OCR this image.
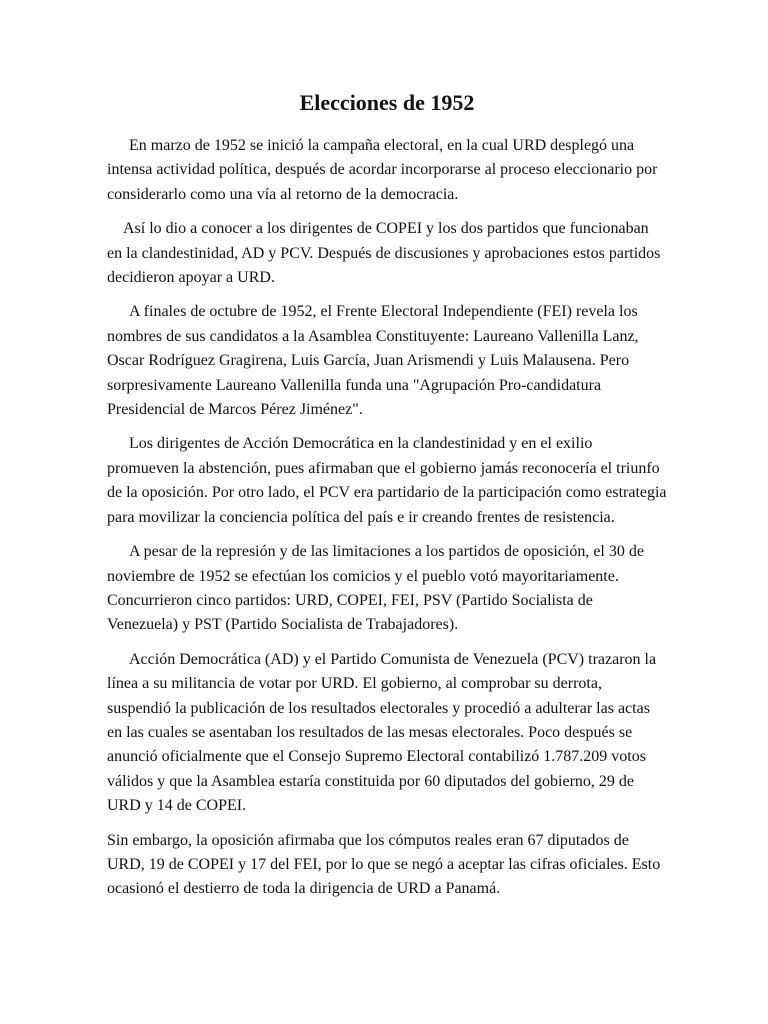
Elecciones de 1952

En marzo de 1952 se inició la campaña electoral, en la cual URD desplegó una intensa actividad política, después de acordar incorporarse al proceso eleccionario por considerarlo como una vía al retorno de la democracia.

Así lo dio a conocer a los dirigentes de COPEI y los dos partidos que funcionaban en la clandestinidad, AD y PCV. Después de discusiones y aprobaciones estos partidos decidieron apoyar a URD.

A finales de octubre de 1952, el Frente Electoral Independiente (FEI) revela los nombres de sus candidatos a la Asamblea Constituyente: Laureano Vallenilla Lanz, Oscar Rodríguez Gragirena, Luis García, Juan Arismendi y Luis Malausena. Pero sorpresivamente Laureano Vallenilla funda una "Agrupación Pro-candidatura Presidencial de Marcos Pérez Jiménez".

Los dirigentes de Acción Democrática en la clandestinidad y en el exilio promueven la abstención, pues afirmaban que el gobierno jamás reconocería el triunfo de la oposición. Por otro lado, el PCV era partidario de la participación como estrategia para movilizar la conciencia política del país e ir creando frentes de resistencia.

A pesar de la represión y de las limitaciones a los partidos de oposición, el 30 de noviembre de 1952 se efectúan los comicios y el pueblo votó mayoritariamente. Concurrieron cinco partidos: URD, COPEI, FEI, PSV (Partido Socialista de Venezuela) y PST (Partido Socialista de Trabajadores).

Acción Democrática (AD) y el Partido Comunista de Venezuela (PCV) trazaron la línea a su militancia de votar por URD. El gobierno, al comprobar su derrota, suspendió la publicación de los resultados electorales y procedió a adulterar las actas en las cuales se asentaban los resultados de las mesas electorales. Poco después se anunció oficialmente que el Consejo Supremo Electoral contabilizó 1.787.209 votos válidos y que la Asamblea estaría constituida por 60 diputados del gobierno, 29 de URD y 14 de COPEI.

Sin embargo, la oposición afirmaba que los cómputos reales eran 67 diputados de URD, 19 de COPEI y 17 del FEI, por lo que se negó a aceptar las cifras oficiales. Esto ocasionó el destierro de toda la dirigencia de URD a Panamá.
